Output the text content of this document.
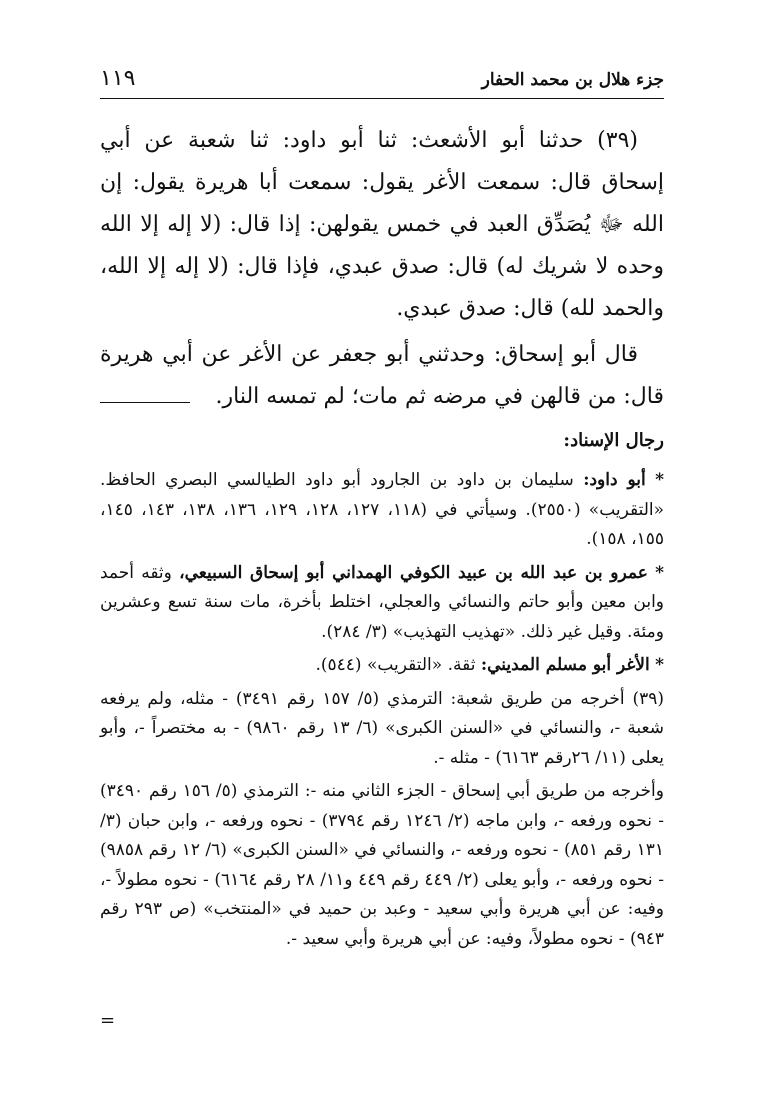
جزء هلال بن محمد الحفار
١١٩

(٣٩) حدثنا أبو الأشعث: ثنا أبو داود: ثنا شعبة عن أبي إسحاق قال: سمعت الأغر يقول: سمعت أبا هريرة يقول: إن الله ﷻ يُصَدِّق العبد في خمس يقولهن: إذا قال: (لا إله إلا الله وحده لا شريك له) قال: صدق عبدي، فإذا قال: (لا إله إلا الله، والحمد لله) قال: صدق عبدي.

قال أبو إسحاق: وحدثني أبو جعفر عن الأغر عن أبي هريرة قال: من قالهن في مرضه ثم مات؛ لم تمسه النار.

رجال الإسناد:

* أبو داود: سليمان بن داود بن الجارود أبو داود الطيالسي البصري الحافظ. «التقريب» (٢٥٥٠). وسيأتي في (١١٨، ١٢٧، ١٢٨، ١٢٩، ١٣٦، ١٣٨، ١٤٣، ١٤٥، ١٥٥، ١٥٨).

* عمرو بن عبد الله بن عبيد الكوفي الهمداني أبو إسحاق السبيعي، وثقه أحمد وابن معين وأبو حاتم والنسائي والعجلي، اختلط بأخرة، مات سنة تسع وعشرين ومئة. وقيل غير ذلك. «تهذيب التهذيب» (٣/ ٢٨٤).

* الأغر أبو مسلم المديني: ثقة. «التقريب» (٥٤٤).

(٣٩) أخرجه من طريق شعبة: الترمذي (٥/ ١٥٧ رقم ٣٤٩١) - مثله، ولم يرفعه شعبة -، والنسائي في «السنن الكبرى» (٦/ ١٣ رقم ٩٨٦٠) - به مختصراً -، وأبو يعلى (١١/ ٢٦رقم ٦١٦٣) - مثله -.

وأخرجه من طريق أبي إسحاق - الجزء الثاني منه -: الترمذي (٥/ ١٥٦ رقم ٣٤٩٠) - نحوه ورفعه -، وابن ماجه (٢/ ١٢٤٦ رقم ٣٧٩٤) - نحوه ورفعه -، وابن حبان (٣/ ١٣١ رقم ٨٥١) - نحوه ورفعه -، والنسائي في «السنن الكبرى» (٦/ ١٢ رقم ٩٨٥٨) - نحوه ورفعه -، وأبو يعلى (٢/ ٤٤٩ رقم ٤٤٩ و١١/ ٢٨ رقم ٦١٦٤) - نحوه مطولاً -، وفيه: عن أبي هريرة وأبي سعيد - وعبد بن حميد في «المنتخب» (ص ٢٩٣ رقم ٩٤٣) - نحوه مطولاً، وفيه: عن أبي هريرة وأبي سعيد -.

=
